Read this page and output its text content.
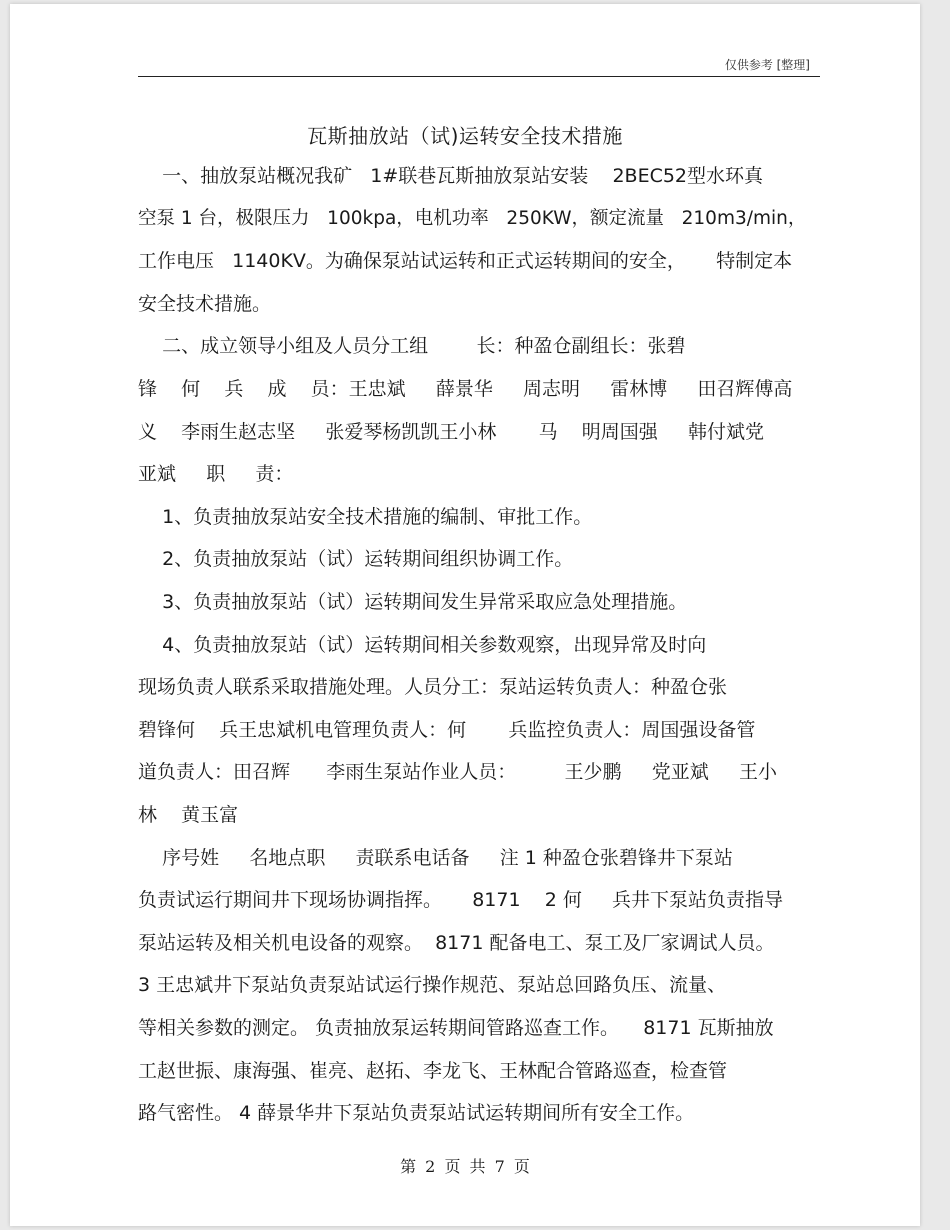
仅供参考 [整理]
瓦斯抽放站（试)运转安全技术措施
一、抽放泵站概况我矿   1#联巷瓦斯抽放泵站安装    2BEC52型水环真
空泵 1 台，极限压力   100kpa，电机功率   250KW，额定流量   210m3/min，
工作电压   1140KV。为确保泵站试运转和正式运转期间的安全，     特制定本
安全技术措施。
二、成立领导小组及人员分工组        长：种盈仓副组长：张碧
锋    何    兵    成    员：王忠斌     薛景华     周志明     雷林博     田召辉傅高
义    李雨生赵志坚     张爱琴杨凯凯王小林       马    明周国强     韩付斌党
亚斌     职     责：
1、负责抽放泵站安全技术措施的编制、审批工作。
2、负责抽放泵站（试）运转期间组织协调工作。
3、负责抽放泵站（试）运转期间发生异常采取应急处理措施。
4、负责抽放泵站（试）运转期间相关参数观察，出现异常及时向
现场负责人联系采取措施处理。人员分工：泵站运转负责人：种盈仓张
碧锋何    兵王忠斌机电管理负责人：何       兵监控负责人：周国强设备管
道负责人：田召辉      李雨生泵站作业人员：        王少鹏     党亚斌     王小
林    黄玉富
序号姓     名地点职     责联系电话备     注 1 种盈仓张碧锋井下泵站
负责试运行期间井下现场协调指挥。     8171    2 何     兵井下泵站负责指导
泵站运转及相关机电设备的观察。  8171 配备电工、泵工及厂家调试人员。
3 王忠斌井下泵站负责泵站试运行操作规范、泵站总回路负压、流量、
等相关参数的测定。 负责抽放泵运转期间管路巡查工作。    8171 瓦斯抽放
工赵世振、康海强、崔亮、赵拓、李龙飞、王林配合管路巡查，检查管
路气密性。 4 薛景华井下泵站负责泵站试运转期间所有安全工作。
第 2 页 共 7 页
